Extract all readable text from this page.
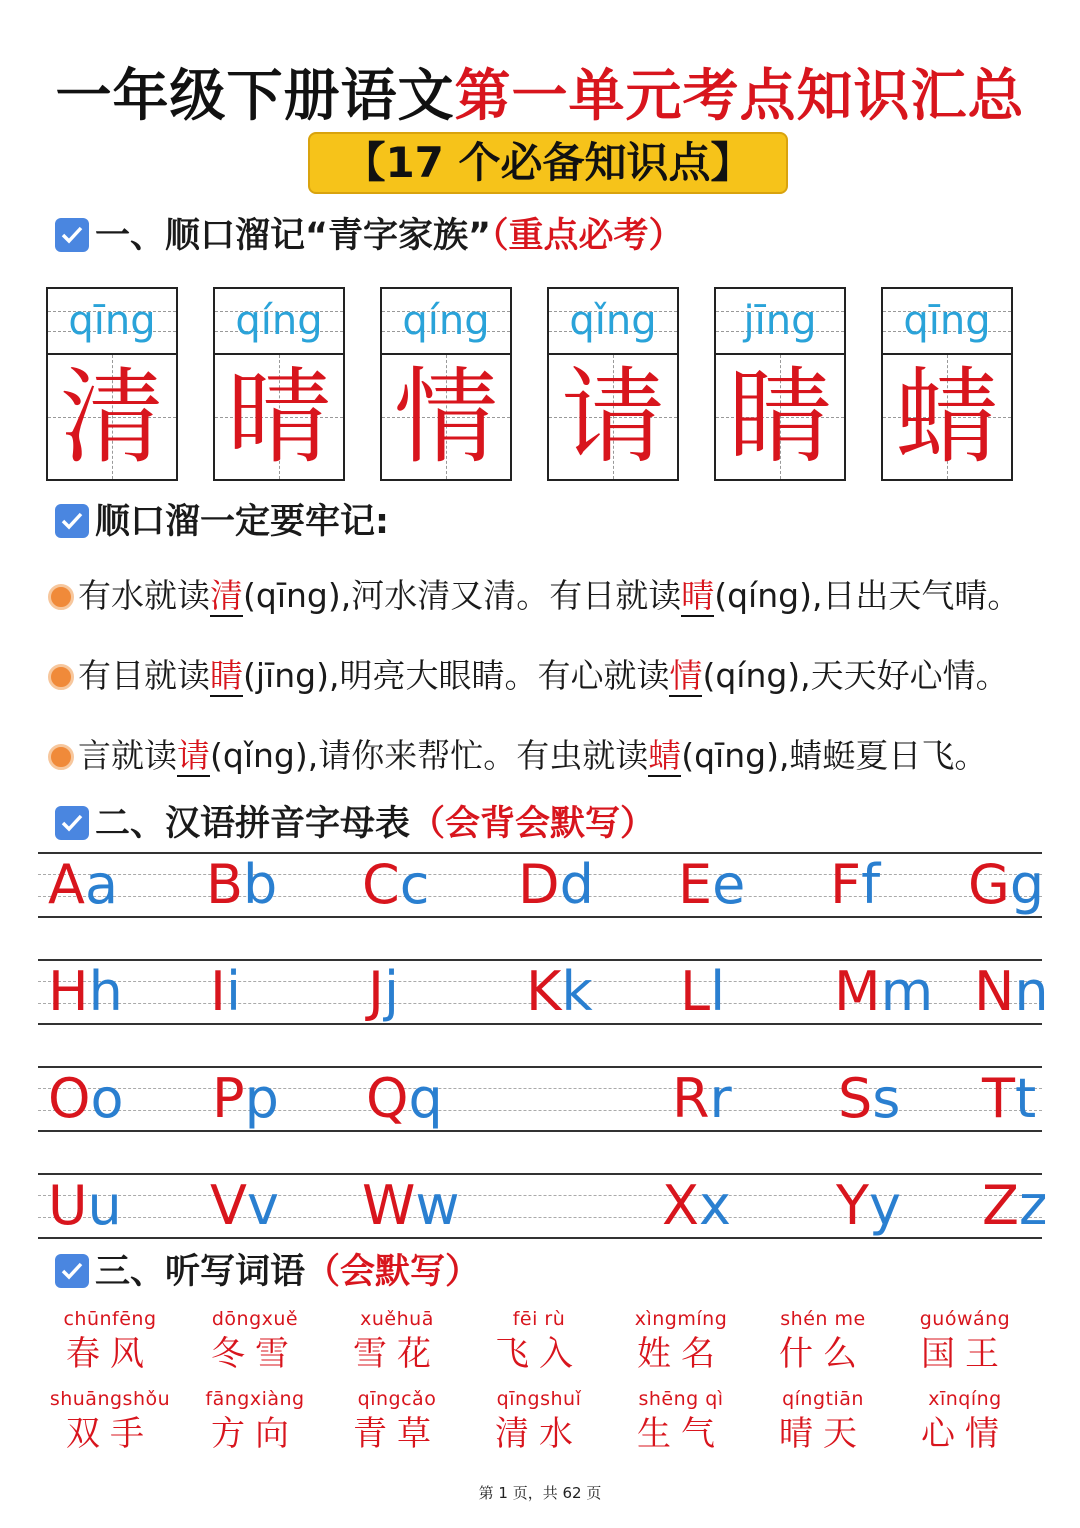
一年级下册语文第一单元考点知识汇总
【17 个必备知识点】
一、顺口溜记“青字家族”（重点必考）
qīng
清
qíng
晴
qíng
情
qǐng
请
jīng
睛
qīng
蜻
顺口溜一定要牢记:
有水就读清(qīng),河水清又清。有日就读晴(qíng),日出天气晴。
有目就读睛(jīng),明亮大眼睛。有心就读情(qíng),天天好心情。
言就读请(qǐng),请你来帮忙。有虫就读蜻(qīng),蜻蜓夏日飞。
二、汉语拼音字母表（会背会默写）
Aa Bb Cc Dd Ee Ff Gg
Hh Ii Jj Kk Ll Mm Nn
Oo Pp Qq	Rr Ss Tt
Uu Vv Ww	Xx Yy Zz
三、听写词语（会默写）
chūnfēng
春风
dōngxuě
冬雪
xuěhuā
雪花
fēi rù
飞入
xìngmíng
姓名
shén me
什么
guówáng
国王
shuāngshǒu
双手
fāngxiàng
方向
qīngcǎo
青草
qīngshuǐ
清水
shēng qì
生气
qíngtiān
晴天
xīnqíng
心情
第 1 页，共 62 页
